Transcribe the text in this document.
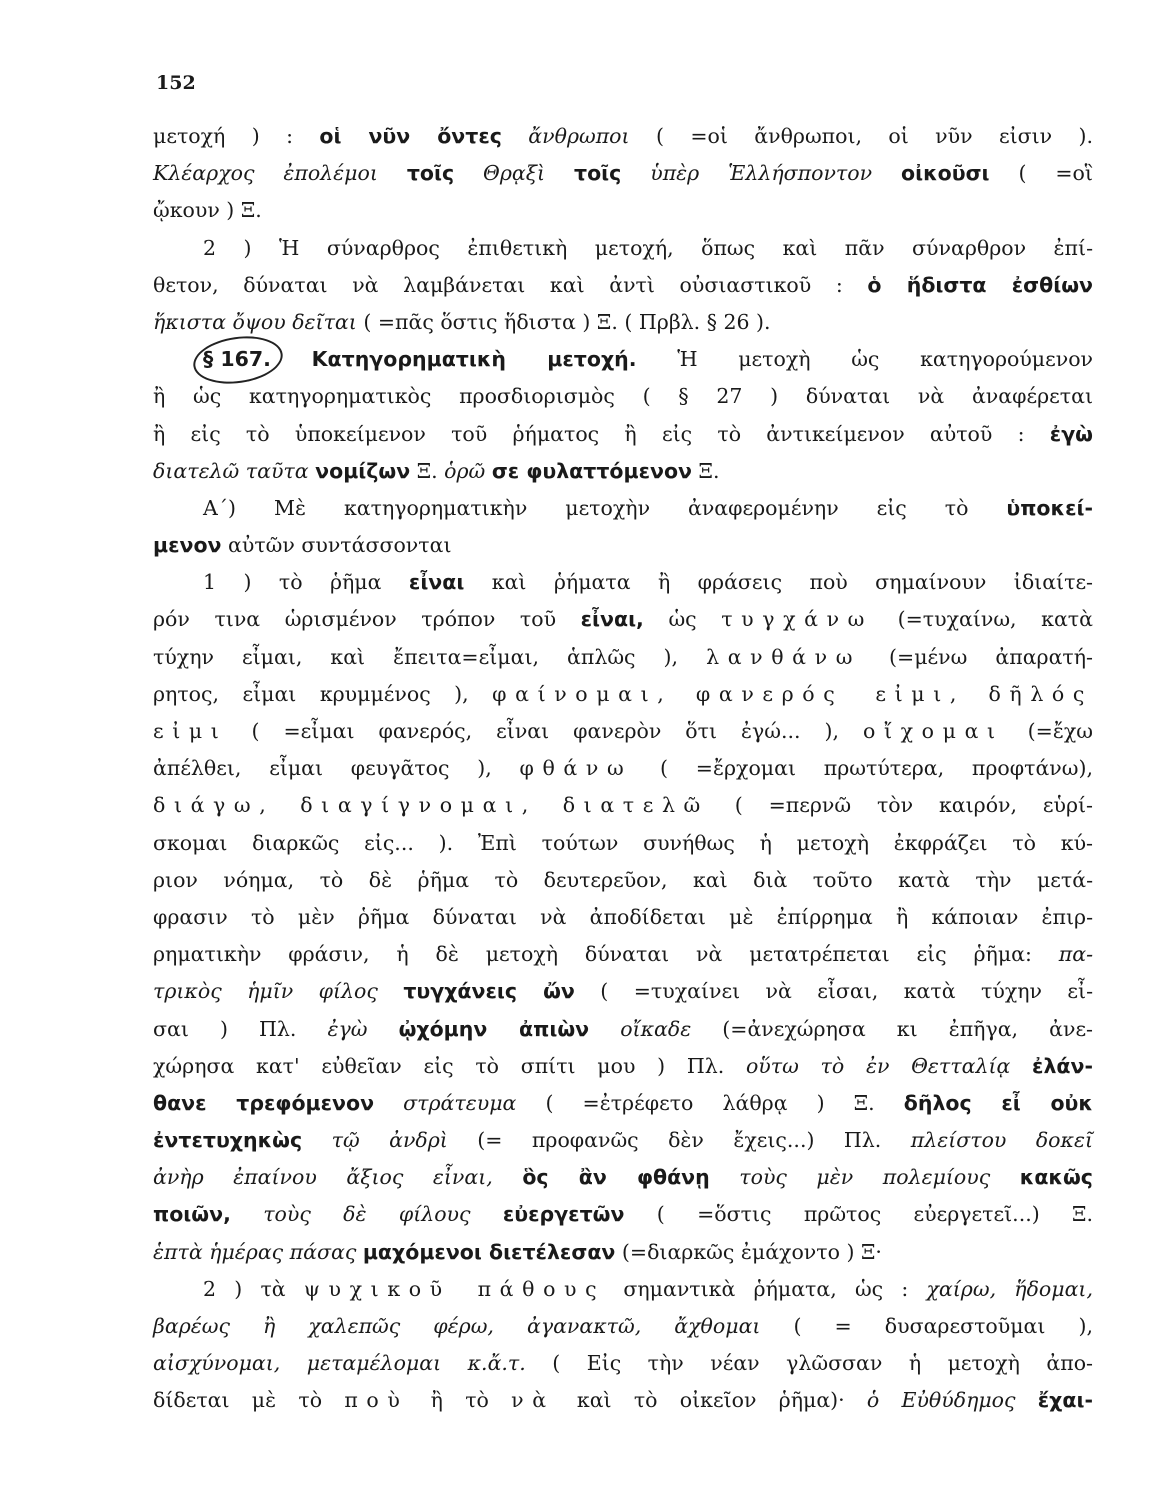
152
μετοχή ) : οἱ νῦν ὄντες ἄνθρωποι ( =οἱ ἄνθρωποι, οἱ νῦν εἰσιν ).
Κλέαρχος ἐπολέμοι τοῖς Θρᾳξὶ τοῖς ὑπὲρ Ἑλλήσποντον οἰκοῦσι ( =οἳ
ᾤκουν ) Ξ.
2 ) Ἡ σύναρθρος ἐπιθετικὴ μετοχή, ὅπως καὶ πᾶν σύναρθρον ἐπί-
θετον, δύναται νὰ λαμβάνεται καὶ ἀντὶ οὐσιαστικοῦ : ὁ ἥδιστα ἐσθίων
ἥκιστα ὄψου δεῖται ( =πᾶς ὅστις ἥδιστα ) Ξ. ( Πρβλ. § 26 ).
§ 167. Κατηγορηματικὴ μετοχή. Ἡ μετοχὴ ὡς κατηγορούμενον
ἢ ὡς κατηγορηματικὸς προσδιορισμὸς ( § 27 ) δύναται νὰ ἀναφέρεται
ἢ εἰς τὸ ὑποκείμενον τοῦ ῥήματος ἢ εἰς τὸ ἀντικείμενον αὐτοῦ : ἐγὼ
διατελῶ ταῦτα νομίζων Ξ. ὁρῶ σε φυλαττόμενον Ξ.
Α΄) Μὲ κατηγορηματικὴν μετοχὴν ἀναφερομένην εἰς τὸ ὑποκεί-
μενον αὐτῶν συντάσσονται
1 ) τὸ ῥῆμα εἶναι καὶ ῥήματα ἢ φράσεις ποὺ σημαίνουν ἰδιαίτε-
ρόν τινα ὡρισμένον τρόπον τοῦ εἶναι, ὡς τυγχάνω (=τυχαίνω, κατὰ
τύχην εἶμαι, καὶ ἔπειτα=εἶμαι, ἁπλῶς ), λανθάνω (=μένω ἀπαρατή-
ρητος, εἶμαι κρυμμένος ), φαίνομαι, φανερός εἰμι, δῆλός
εἰμι ( =εἶμαι φανερός, εἶναι φανερὸν ὅτι ἐγώ... ), οἴχομαι (=ἔχω
ἀπέλθει, εἶμαι φευγᾶτος ), φθάνω ( =ἔρχομαι πρωτύτερα, προφτάνω),
διάγω, διαγίγνομαι, διατελῶ ( =περνῶ τὸν καιρόν, εὑρί-
σκομαι διαρκῶς εἰς... ). Ἐπὶ τούτων συνήθως ἡ μετοχὴ ἐκφράζει τὸ κύ-
ριον νόημα, τὸ δὲ ῥῆμα τὸ δευτερεῦον, καὶ διὰ τοῦτο κατὰ τὴν μετά-
φρασιν τὸ μὲν ῥῆμα δύναται νὰ ἀποδίδεται μὲ ἐπίρρημα ἢ κάποιαν ἐπιρ-
ρηματικὴν φράσιν, ἡ δὲ μετοχὴ δύναται νὰ μετατρέπεται εἰς ῥῆμα: πα-
τρικὸς ἡμῖν φίλος τυγχάνεις ὤν ( =τυχαίνει νὰ εἶσαι, κατὰ τύχην εἶ-
σαι ) Πλ. ἐγὼ ᾠχόμην ἀπιὼν οἴκαδε (=ἀνεχώρησα κι ἐπῆγα, ἀνε-
χώρησα κατ' εὐθεῖαν εἰς τὸ σπίτι μου ) Πλ. οὕτω τὸ ἐν Θετταλίᾳ ἐλάν-
θανε τρεφόμενον στράτευμα ( =ἐτρέφετο λάθρᾳ ) Ξ. δῆλος εἶ οὐκ
ἐντετυχηκὼς τῷ ἀνδρὶ (= προφανῶς δὲν ἔχεις...) Πλ. πλείστου δοκεῖ
ἀνὴρ ἐπαίνου ἄξιος εἶναι, ὃς ἂν φθάνῃ τοὺς μὲν πολεμίους κακῶς
ποιῶν, τοὺς δὲ φίλους εὐεργετῶν ( =ὅστις πρῶτος εὐεργετεῖ...) Ξ.
ἑπτὰ ἡμέρας πάσας μαχόμενοι διετέλεσαν (=διαρκῶς ἐμάχοντο ) Ξ·
2 ) τὰ ψυχικοῦ πάθους σημαντικὰ ῥήματα, ὡς : χαίρω, ἥδομαι,
βαρέως ἢ χαλεπῶς φέρω, ἀγανακτῶ, ἄχθομαι ( = δυσαρεστοῦμαι ),
αἰσχύνομαι, μεταμέλομαι κ.ἄ.τ. ( Εἰς τὴν νέαν γλῶσσαν ἡ μετοχὴ ἀπο-
δίδεται μὲ τὸ ποὺ ἢ τὸ νὰ καὶ τὸ οἰκεῖον ῥῆμα)· ὁ Εὐθύδημος ἔχαι-
